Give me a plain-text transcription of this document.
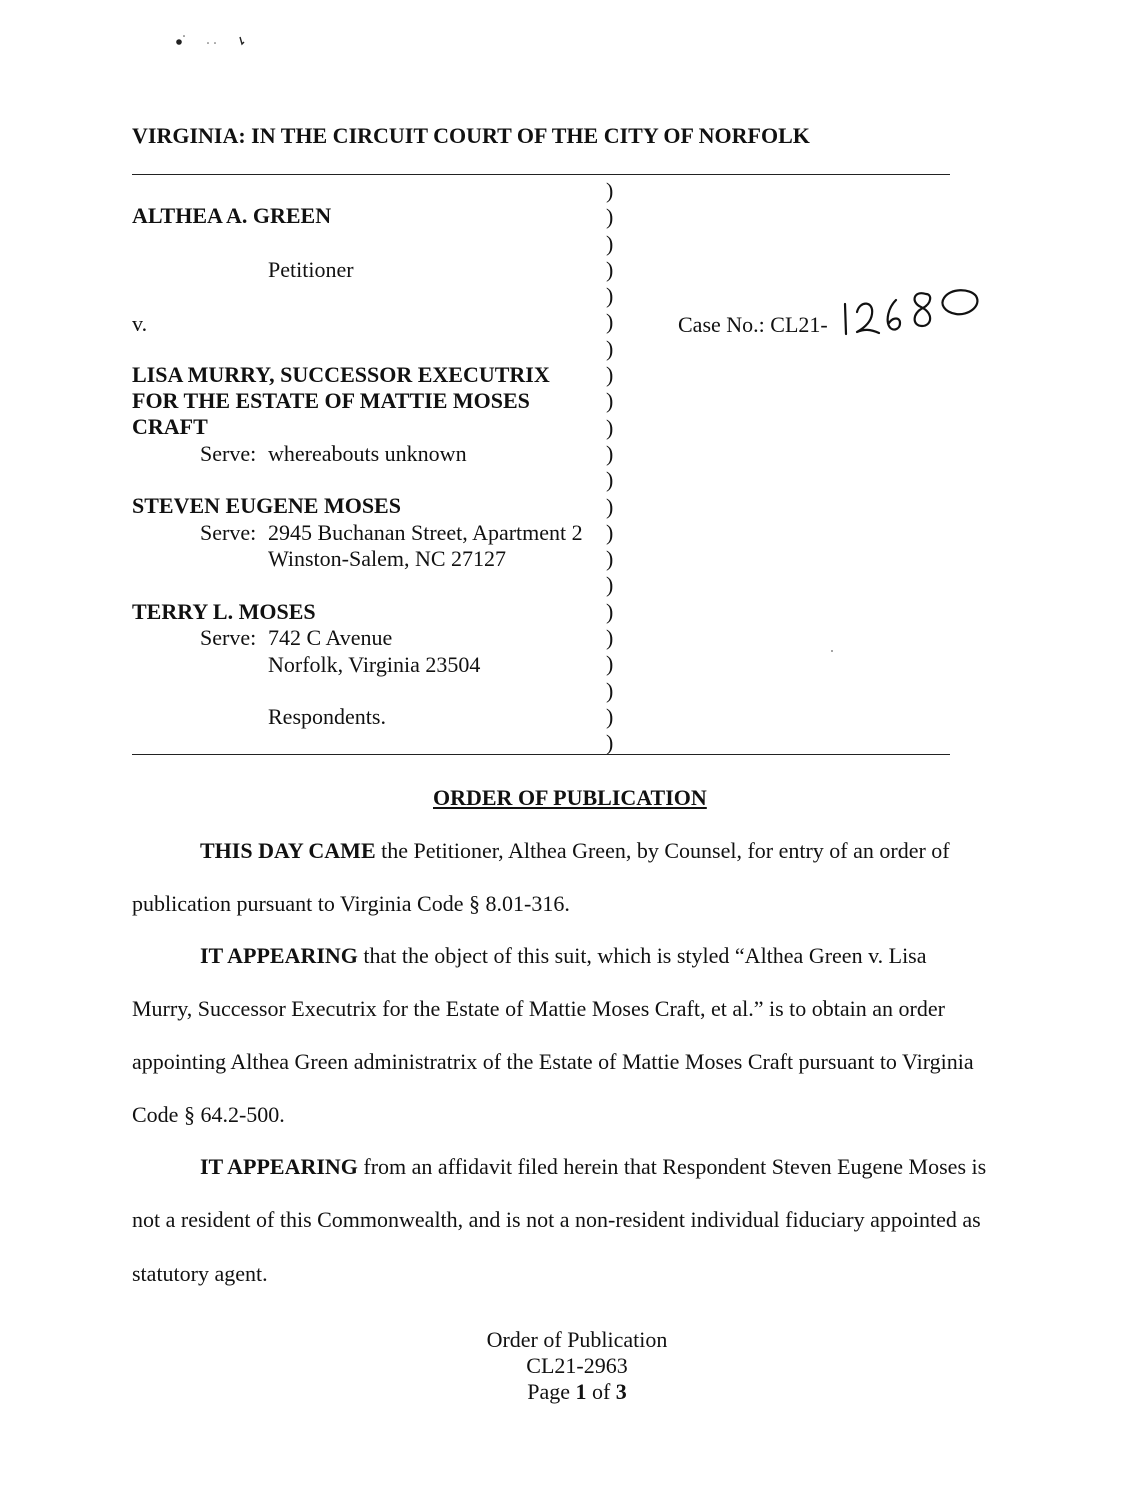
VIRGINIA: IN THE CIRCUIT COURT OF THE CITY OF NORFOLK
ALTHEA A. GREEN
Petitioner
v.
LISA MURRY, SUCCESSOR EXECUTRIX
FOR THE ESTATE OF MATTIE MOSES
CRAFT
Serve: whereabouts unknown
STEVEN EUGENE MOSES
Serve: 2945 Buchanan Street, Apartment 2
Winston-Salem, NC 27127
TERRY L. MOSES
Serve: 742 C Avenue
Norfolk, Virginia 23504
Respondents.
)
)
)
)
)
)
)
)
)
)
)
)
)
)
)
)
)
)
)
)
)
)
Case No.: CL21-
ORDER OF PUBLICATION
THIS DAY CAME the Petitioner, Althea Green, by Counsel, for entry of an order of
publication pursuant to Virginia Code § 8.01-316.
IT APPEARING that the object of this suit, which is styled “Althea Green v. Lisa
Murry, Successor Executrix for the Estate of Mattie Moses Craft, et al.” is to obtain an order
appointing Althea Green administratrix of the Estate of Mattie Moses Craft pursuant to Virginia
Code § 64.2-500.
IT APPEARING from an affidavit filed herein that Respondent Steven Eugene Moses is
not a resident of this Commonwealth, and is not a non-resident individual fiduciary appointed as
statutory agent.
Order of Publication
CL21-2963
Page 1 of 3
